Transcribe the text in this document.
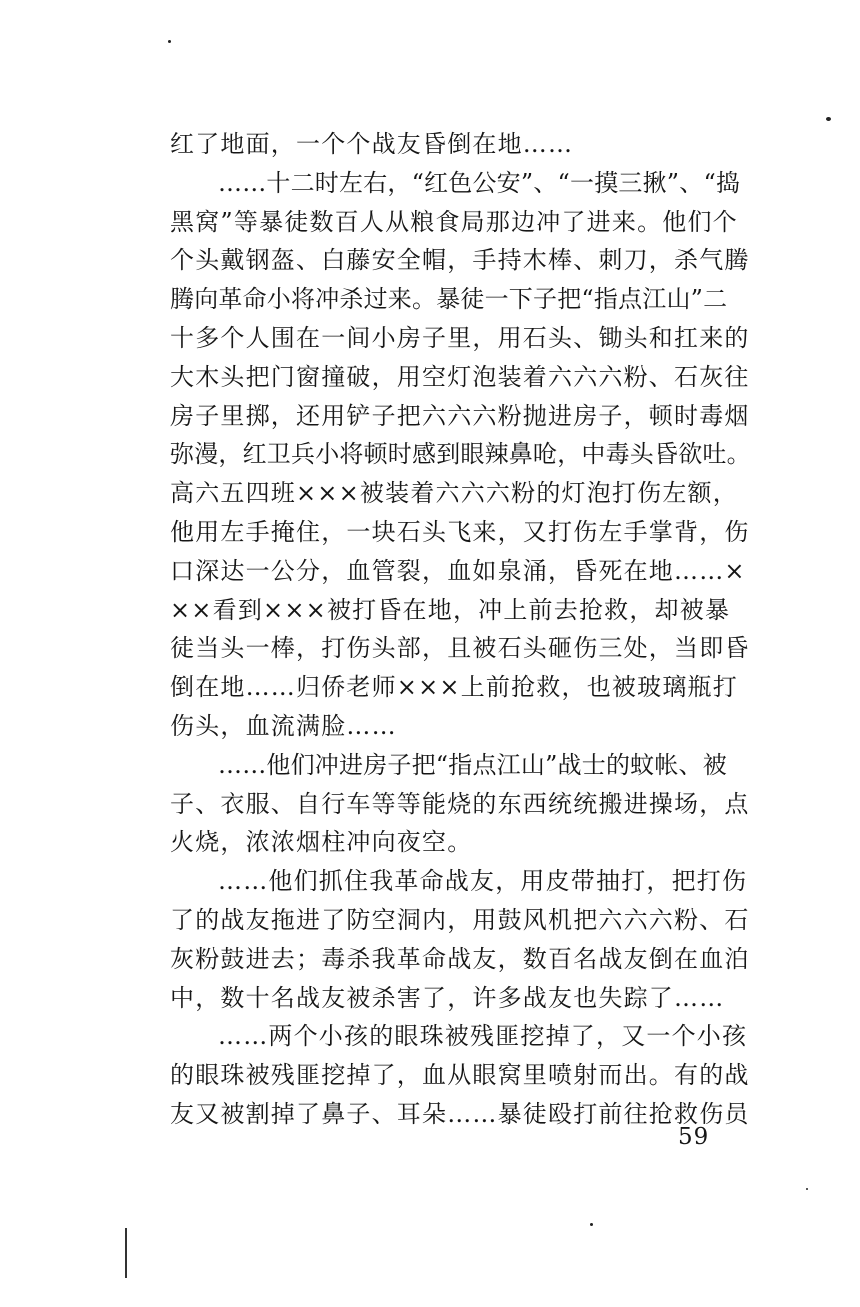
红了地面，一个个战友昏倒在地……
……十二时左右，“红色公安”、“一摸三揪”、“捣
黑窝”等暴徒数百人从粮食局那边冲了进来。他们个
个头戴钢盔、白藤安全帽，手持木棒、刺刀，杀气腾
腾向革命小将冲杀过来。暴徒一下子把“指点江山”二
十多个人围在一间小房子里，用石头、锄头和扛来的
大木头把门窗撞破，用空灯泡装着六六六粉、石灰往
房子里掷，还用铲子把六六六粉抛进房子，顿时毒烟
弥漫，红卫兵小将顿时感到眼辣鼻呛，中毒头昏欲吐。
高六五四班×××被装着六六六粉的灯泡打伤左额，
他用左手掩住，一块石头飞来，又打伤左手掌背，伤
口深达一公分，血管裂，血如泉涌，昏死在地……×
××看到×××被打昏在地，冲上前去抢救，却被暴
徒当头一棒，打伤头部，且被石头砸伤三处，当即昏
倒在地……归侨老师×××上前抢救，也被玻璃瓶打
伤头，血流满脸……
……他们冲进房子把“指点江山”战士的蚊帐、被
子、衣服、自行车等等能烧的东西统统搬进操场，点
火烧，浓浓烟柱冲向夜空。
……他们抓住我革命战友，用皮带抽打，把打伤
了的战友拖进了防空洞内，用鼓风机把六六六粉、石
灰粉鼓进去；毒杀我革命战友，数百名战友倒在血泊
中，数十名战友被杀害了，许多战友也失踪了……
……两个小孩的眼珠被残匪挖掉了，又一个小孩
的眼珠被残匪挖掉了，血从眼窝里喷射而出。有的战
友又被割掉了鼻子、耳朵……暴徒殴打前往抢救伤员
59
